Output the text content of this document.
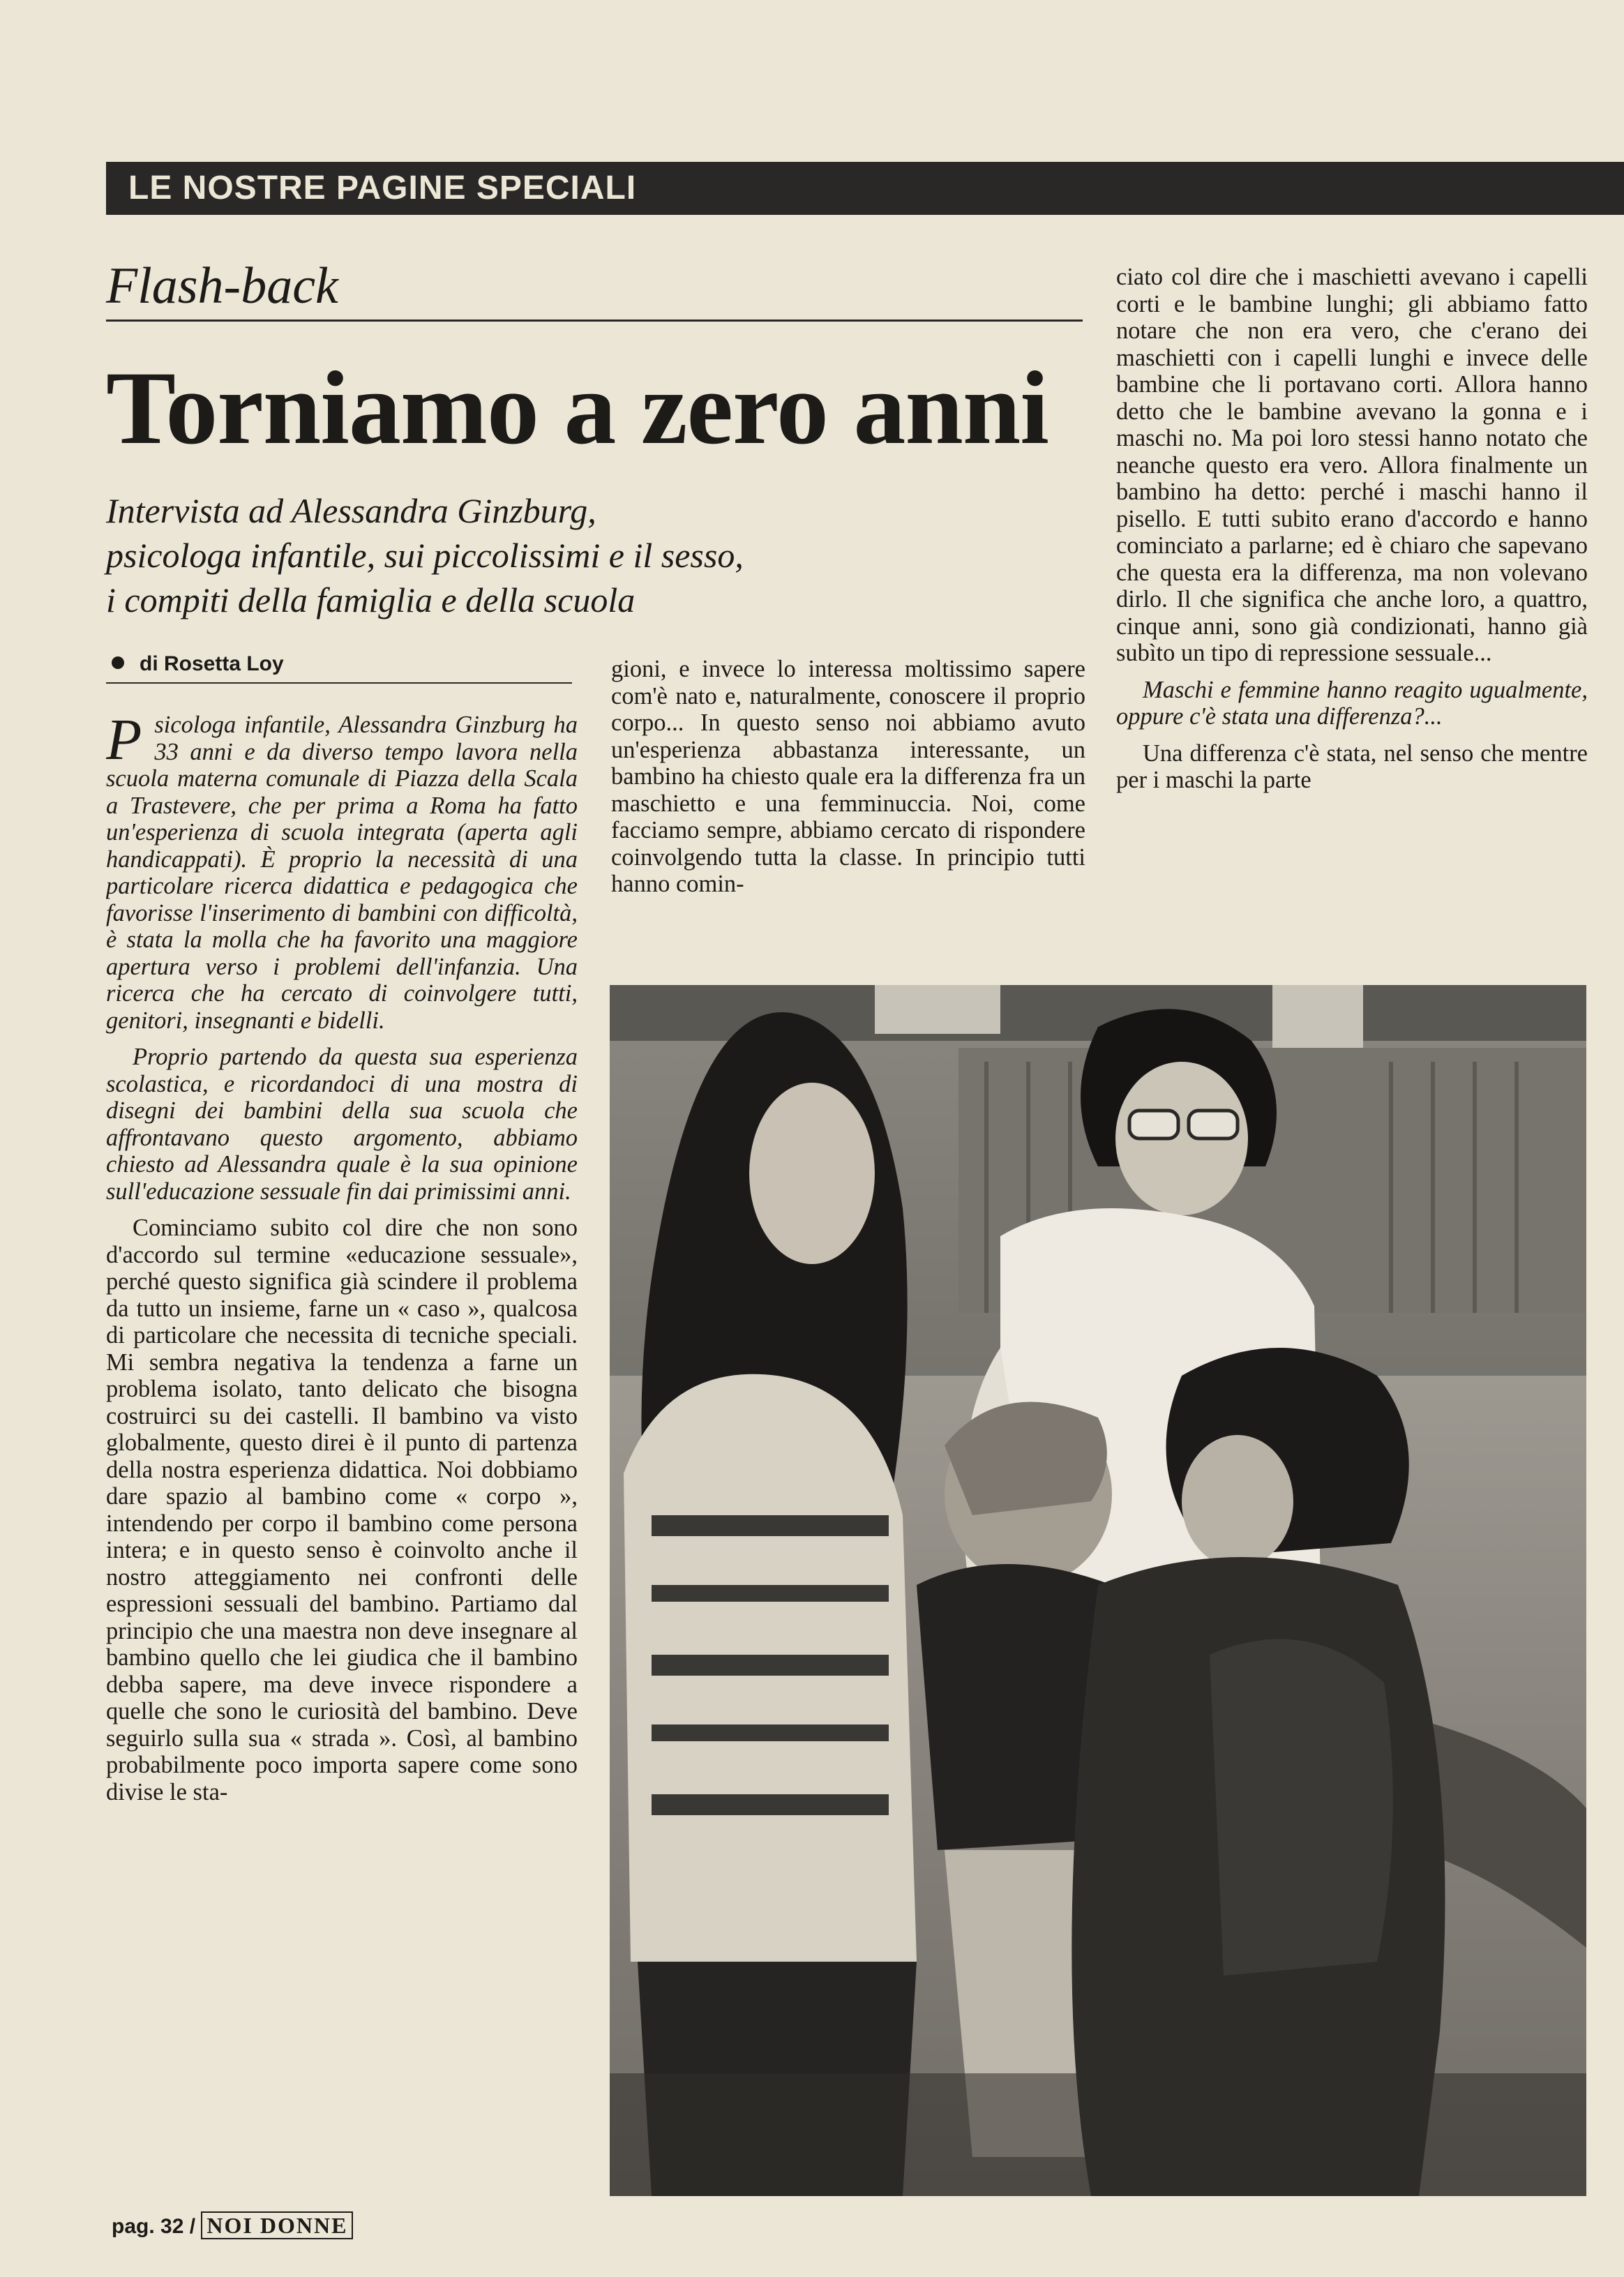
LE NOSTRE PAGINE SPECIALI
Flash-back
Torniamo a zero anni
Intervista ad Alessandra Ginzburg,
psicologa infantile, sui piccolissimi e il sesso,
i compiti della famiglia e della scuola
di Rosetta Loy

Psicologa infantile, Alessandra Ginzburg ha 33 anni e da diverso tempo lavora nella scuola materna comunale di Piazza della Scala a Trastevere, che per prima a Roma ha fatto un'esperienza di scuola integrata (aperta agli handicappati). È proprio la necessità di una particolare ricerca didattica e pedagogica che favorisse l'inserimento di bambini con difficoltà, è stata la molla che ha favorito una maggiore apertura verso i problemi dell'infanzia. Una ricerca che ha cercato di coinvolgere tutti, genitori, insegnanti e bidelli.

Proprio partendo da questa sua esperienza scolastica, e ricordandoci di una mostra di disegni dei bambini della sua scuola che affrontavano questo argomento, abbiamo chiesto ad Alessandra quale è la sua opinione sull'educazione sessuale fin dai primissimi anni.

Cominciamo subito col dire che non sono d'accordo sul termine «educazione sessuale», perché questo significa già scindere il problema da tutto un insieme, farne un « caso », qualcosa di particolare che necessita di tecniche speciali. Mi sembra negativa la tendenza a farne un problema isolato, tanto delicato che bisogna costruirci su dei castelli. Il bambino va visto globalmente, questo direi è il punto di partenza della nostra esperienza didattica. Noi dobbiamo dare spazio al bambino come « corpo », intendendo per corpo il bambino come persona intera; e in questo senso è coinvolto anche il nostro atteggiamento nei confronti delle espressioni sessuali del bambino. Partiamo dal principio che una maestra non deve insegnare al bambino quello che lei giudica che il bambino debba sapere, ma deve invece rispondere a quelle che sono le curiosità del bambino. Deve seguirlo sulla sua « strada ». Così, al bambino probabilmente poco importa sapere come sono divise le sta-

gioni, e invece lo interessa moltissimo sapere com'è nato e, naturalmente, conoscere il proprio corpo... In questo senso noi abbiamo avuto un'esperienza abbastanza interessante, un bambino ha chiesto quale era la differenza fra un maschietto e una femminuccia. Noi, come facciamo sempre, abbiamo cercato di rispondere coinvolgendo tutta la classe. In principio tutti hanno comin-

ciato col dire che i maschietti avevano i capelli corti e le bambine lunghi; gli abbiamo fatto notare che non era vero, che c'erano dei maschietti con i capelli lunghi e invece delle bambine che li portavano corti. Allora hanno detto che le bambine avevano la gonna e i maschi no. Ma poi loro stessi hanno notato che neanche questo era vero. Allora finalmente un bambino ha detto: perché i maschi hanno il pisello. E tutti subito erano d'accordo e hanno cominciato a parlarne; ed è chiaro che sapevano che questa era la differenza, ma non volevano dirlo. Il che significa che anche loro, a quattro, cinque anni, sono già condizionati, hanno già subìto un tipo di repressione sessuale...

Maschi e femmine hanno reagito ugualmente, oppure c'è stata una differenza?...

Una differenza c'è stata, nel senso che mentre per i maschi la parte

pag. 32 / NOI DONNE
